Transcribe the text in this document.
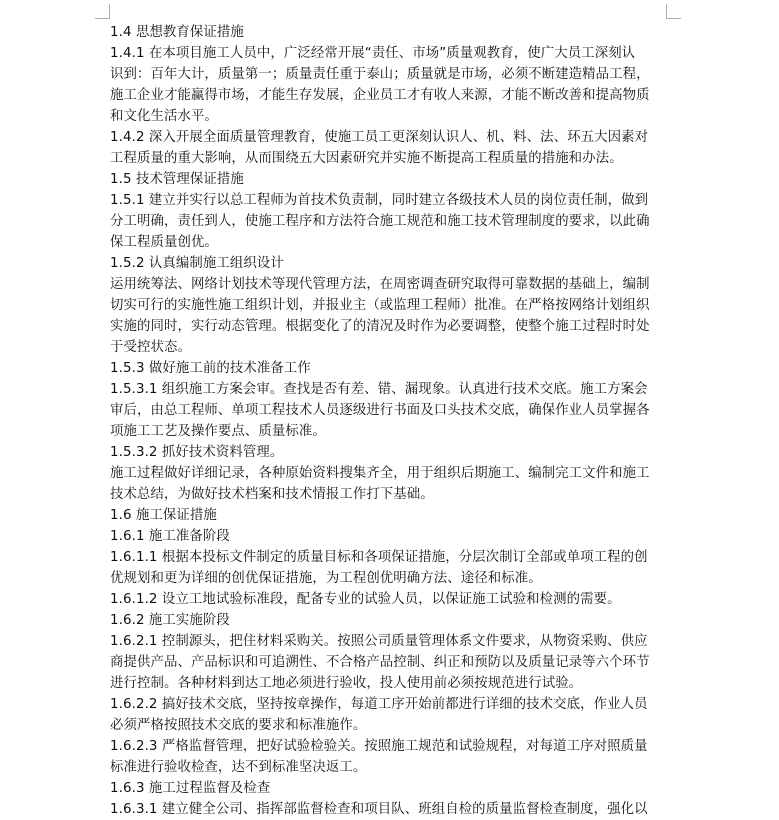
1.4 思想教育保证措施
1.4.1 在本项目施工人员中，广泛经常开展“责任、市场”质量观教育，使广大员工深刻认
识到：百年大计，质量第一；质量责任重于泰山；质量就是市场，必须不断建造精品工程，
施工企业才能赢得市场，才能生存发展，企业员工才有收人来源，才能不断改善和提高物质
和文化生活水平。
1.4.2 深入开展全面质量管理教育，使施工员工更深刻认识人、机、料、法、环五大因素对
工程质量的重大影响，从而围绕五大因素研究并实施不断提高工程质量的措施和办法。
1.5 技术管理保证措施
1.5.1 建立并实行以总工程师为首技术负责制，同时建立各级技术人员的岗位责任制，做到
分工明确，责任到人，使施工程序和方法符合施工规范和施工技术管理制度的要求，以此确
保工程质量创优。
1.5.2 认真编制施工组织设计
运用统筹法、网络计划技术等现代管理方法，在周密调查研究取得可靠数据的基础上，编制
切实可行的实施性施工组织计划，并报业主（或监理工程师）批准。在严格按网络计划组织
实施的同时，实行动态管理。根据变化了的清况及时作为必要调整，使整个施工过程时时处
于受控状态。
1.5.3 做好施工前的技术准备工作
1.5.3.1 组织施工方案会审。查找是否有差、错、漏现象。认真进行技术交底。施工方案会
审后，由总工程师、单项工程技术人员逐级进行书面及口头技术交底，确保作业人员掌握各
项施工工艺及操作要点、质量标准。
1.5.3.2 抓好技术资料管理。
施工过程做好详细记录，各种原始资料搜集齐全，用于组织后期施工、编制完工文件和施工
技术总结，为做好技术档案和技术情报工作打下基础。
1.6 施工保证措施
1.6.1 施工准备阶段
1.6.1.1 根据本投标文件制定的质量目标和各项保证措施，分层次制订全部或单项工程的创
优规划和更为详细的创优保证措施，为工程创优明确方法、途径和标准。
1.6.1.2 设立工地试验标准段，配备专业的试验人员，以保证施工试验和检测的需要。
1.6.2 施工实施阶段
1.6.2.1 控制源头，把住材料采购关。按照公司质量管理体系文件要求，从物资采购、供应
商提供产品、产品标识和可追溯性、不合格产品控制、纠正和预防以及质量记录等六个环节
进行控制。各种材料到达工地必须进行验收，投人使用前必须按规范进行试验。
1.6.2.2 搞好技术交底，坚持按章操作，每道工序开始前都进行详细的技术交底，作业人员
必须严格按照技术交底的要求和标准施作。
1.6.2.3 严格监督管理，把好试验检验关。按照施工规范和试验规程，对每道工序对照质量
标准进行验收检查，达不到标准坚决返工。
1.6.3 施工过程监督及检查
1.6.3.1 建立健全公司、指挥部监督检查和项目队、班组自检的质量监督检查制度，强化以
